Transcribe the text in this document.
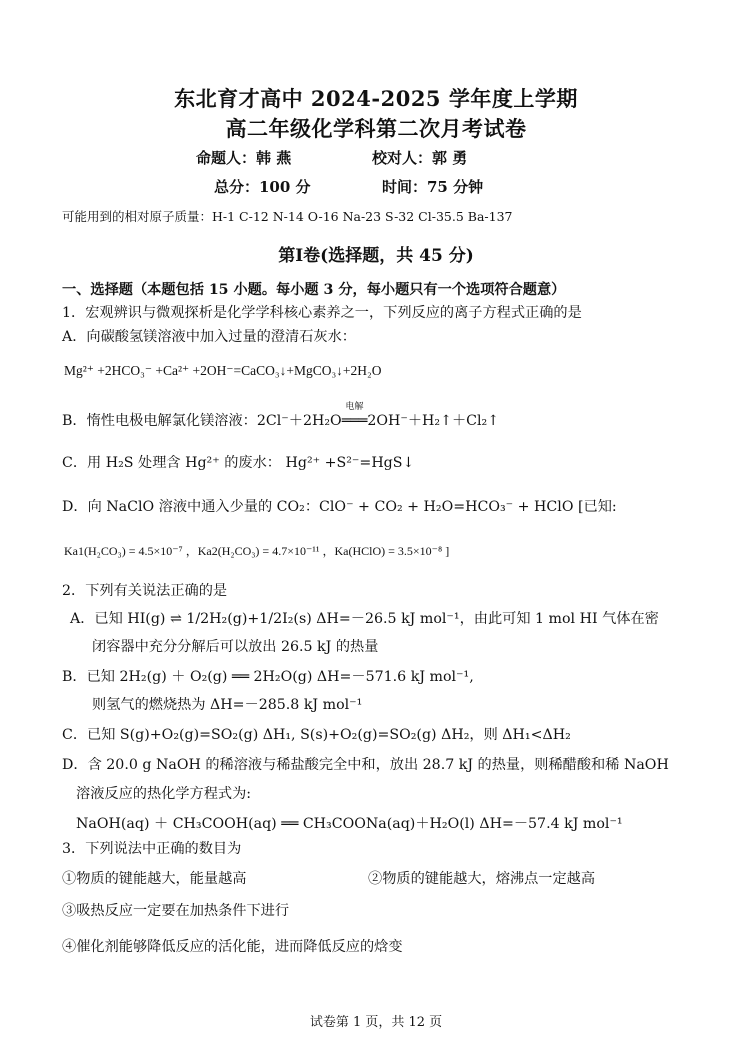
东北育才高中 2024-2025 学年度上学期
高二年级化学科第二次月考试卷
命题人：韩 燕	校对人：郭 勇
总分：100 分	时间：75 分钟
可能用到的相对原子质量：H-1 C-12 N-14 O-16 Na-23 S-32 Cl-35.5 Ba-137
第Ⅰ卷(选择题，共 45 分)
一、选择题（本题包括 15 小题。每小题 3 分，每小题只有一个选项符合题意）
1．宏观辨识与微观探析是化学学科核心素养之一，下列反应的离子方程式正确的是
A．向碳酸氢镁溶液中加入过量的澄清石灰水：
Mg²⁺ +2HCO₃⁻ +Ca²⁺ +2OH⁻=CaCO₃↓+MgCO₃↓+2H₂O
B．惰性电极电解氯化镁溶液：2Cl⁻＋2H₂O
电解
═══2OH⁻＋H₂↑＋Cl₂↑
C．用 H₂S 处理含 Hg²⁺ 的废水： Hg²⁺ +S²⁻=HgS↓
D．向 NaClO 溶液中通入少量的 CO₂：ClO⁻ + CO₂ + H₂O=HCO₃⁻ + HClO [已知:
Ka1(H₂CO₃) = 4.5×10⁻⁷ ，Ka2(H₂CO₃) = 4.7×10⁻¹¹ ，Ka(HClO) = 3.5×10⁻⁸ ]
2．下列有关说法正确的是
A．已知 HI(g) ⇌ 1/2H₂(g)+1/2I₂(s) ΔH=－26.5 kJ mol⁻¹，由此可知 1 mol HI 气体在密
闭容器中充分分解后可以放出 26.5 kJ 的热量
B．已知 2H₂(g) ＋ O₂(g) ══ 2H₂O(g) ΔH=－571.6 kJ mol⁻¹,
则氢气的燃烧热为 ΔH=－285.8 kJ mol⁻¹
C．已知 S(g)+O₂(g)=SO₂(g) ΔH₁, S(s)+O₂(g)=SO₂(g) ΔH₂，则 ΔH₁<ΔH₂
D．含 20.0 g NaOH 的稀溶液与稀盐酸完全中和，放出 28.7 kJ 的热量，则稀醋酸和稀 NaOH
溶液反应的热化学方程式为:
NaOH(aq) ＋ CH₃COOH(aq) ══ CH₃COONa(aq)＋H₂O(l) ΔH=－57.4 kJ mol⁻¹
3．下列说法中正确的数目为
①物质的键能越大，能量越高	②物质的键能越大，熔沸点一定越高
③吸热反应一定要在加热条件下进行
④催化剂能够降低反应的活化能，进而降低反应的焓变
试卷第 1 页，共 12 页
